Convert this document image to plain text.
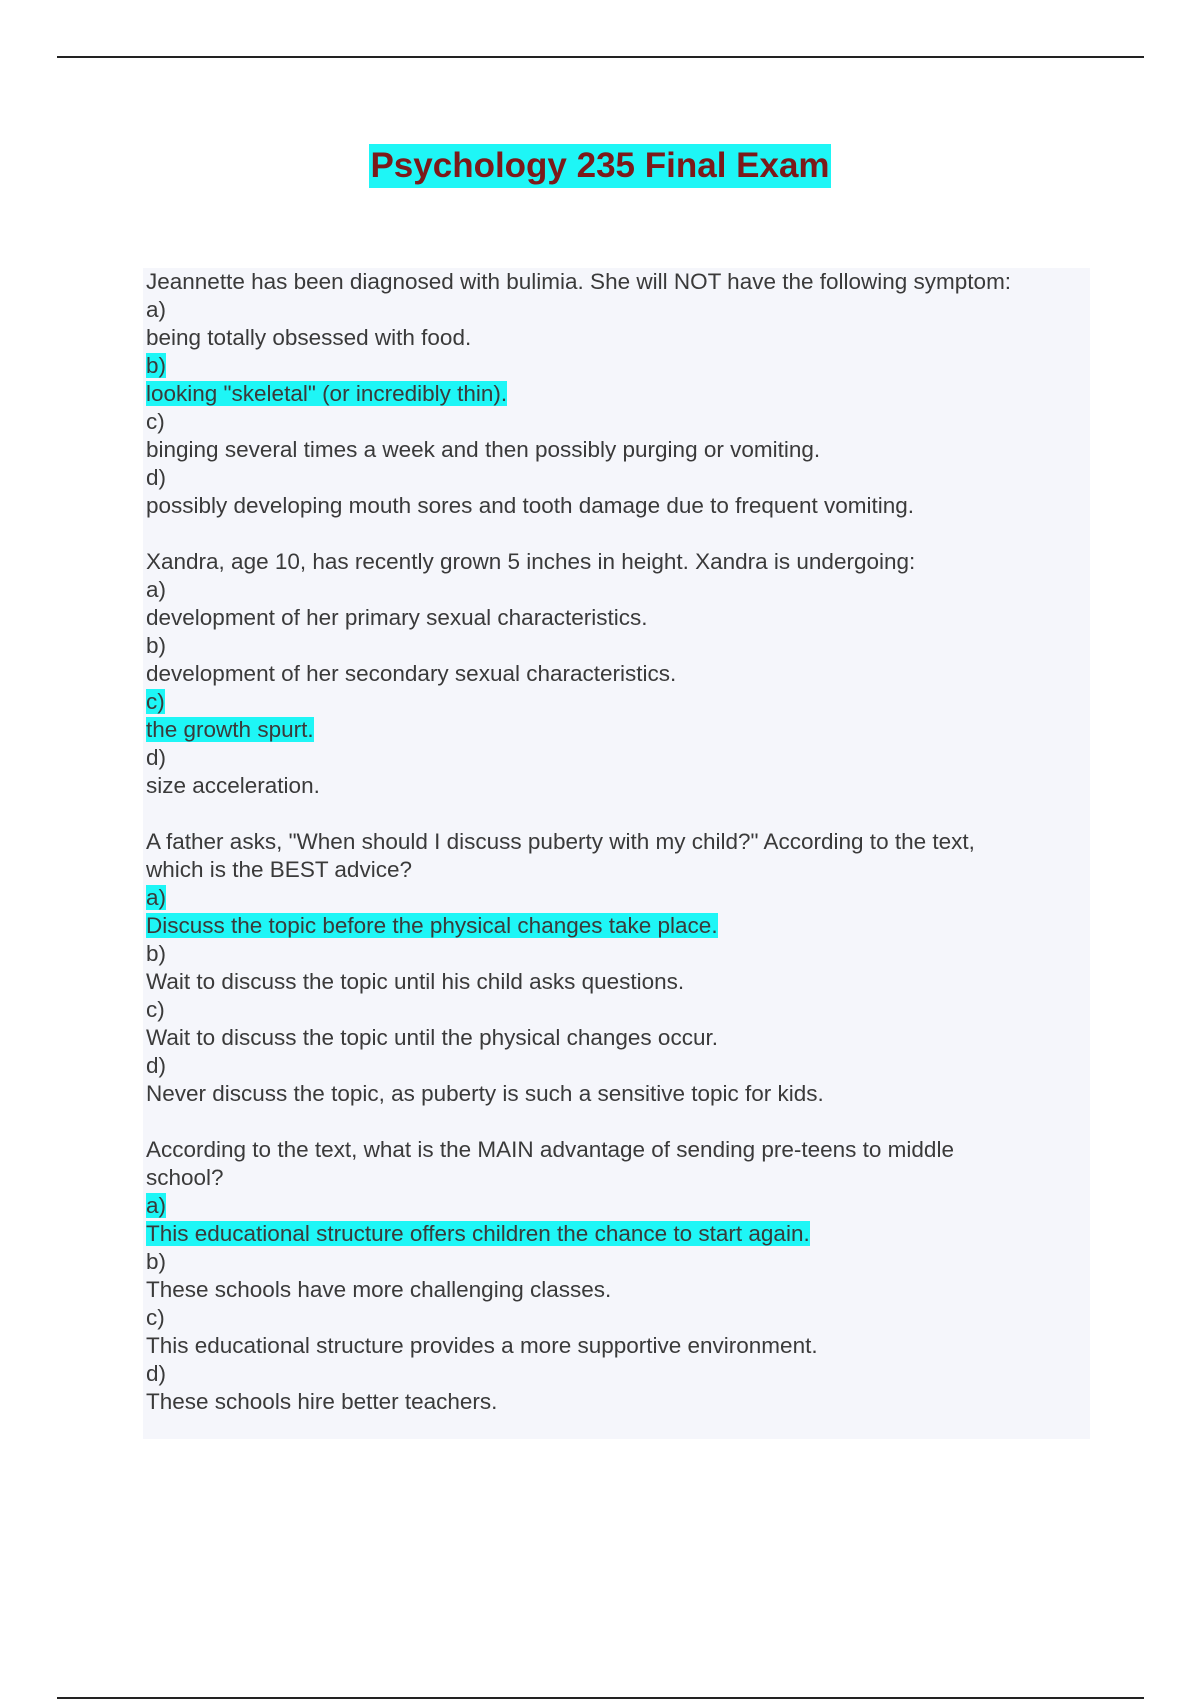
Psychology 235 Final Exam
Jeannette has been diagnosed with bulimia. She will NOT have the following symptom:
a)
being totally obsessed with food.
b)
looking "skeletal" (or incredibly thin).
c)
binging several times a week and then possibly purging or vomiting.
d)
possibly developing mouth sores and tooth damage due to frequent vomiting.
Xandra, age 10, has recently grown 5 inches in height. Xandra is undergoing:
a)
development of her primary sexual characteristics.
b)
development of her secondary sexual characteristics.
c)
the growth spurt.
d)
size acceleration.
A father asks, "When should I discuss puberty with my child?" According to the text,
which is the BEST advice?
a)
Discuss the topic before the physical changes take place.
b)
Wait to discuss the topic until his child asks questions.
c)
Wait to discuss the topic until the physical changes occur.
d)
Never discuss the topic, as puberty is such a sensitive topic for kids.
According to the text, what is the MAIN advantage of sending pre-teens to middle
school?
a)
This educational structure offers children the chance to start again.
b)
These schools have more challenging classes.
c)
This educational structure provides a more supportive environment.
d)
These schools hire better teachers.
